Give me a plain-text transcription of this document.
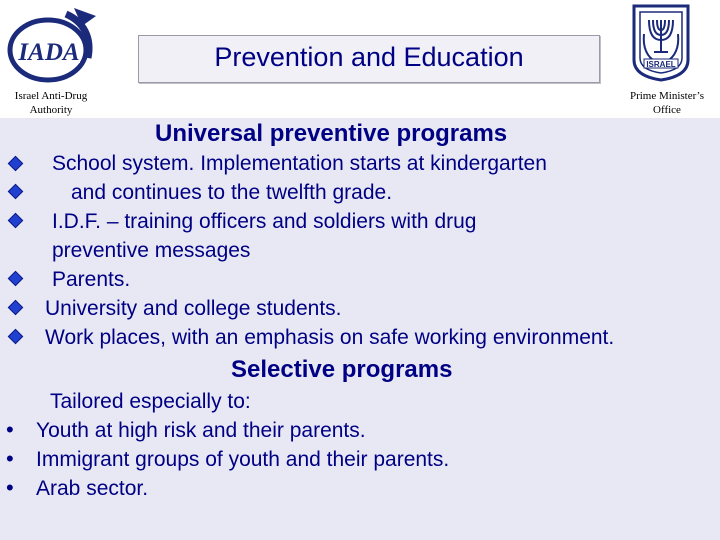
IADA	ISRAEL
Prevention and Education
Israel Anti-Drug Authority
Prime Minister’s Office
Universal preventive programs
School system. Implementation starts at kindergarten
and continues to the twelfth grade.
I.D.F. – training officers and soldiers with drug
preventive messages
Parents.
University and college students.
Work places, with an emphasis on safe working environment.
Selective programs
Tailored especially to:
• Youth at high risk and their parents.
• Immigrant groups of youth and their parents.
• Arab sector.
